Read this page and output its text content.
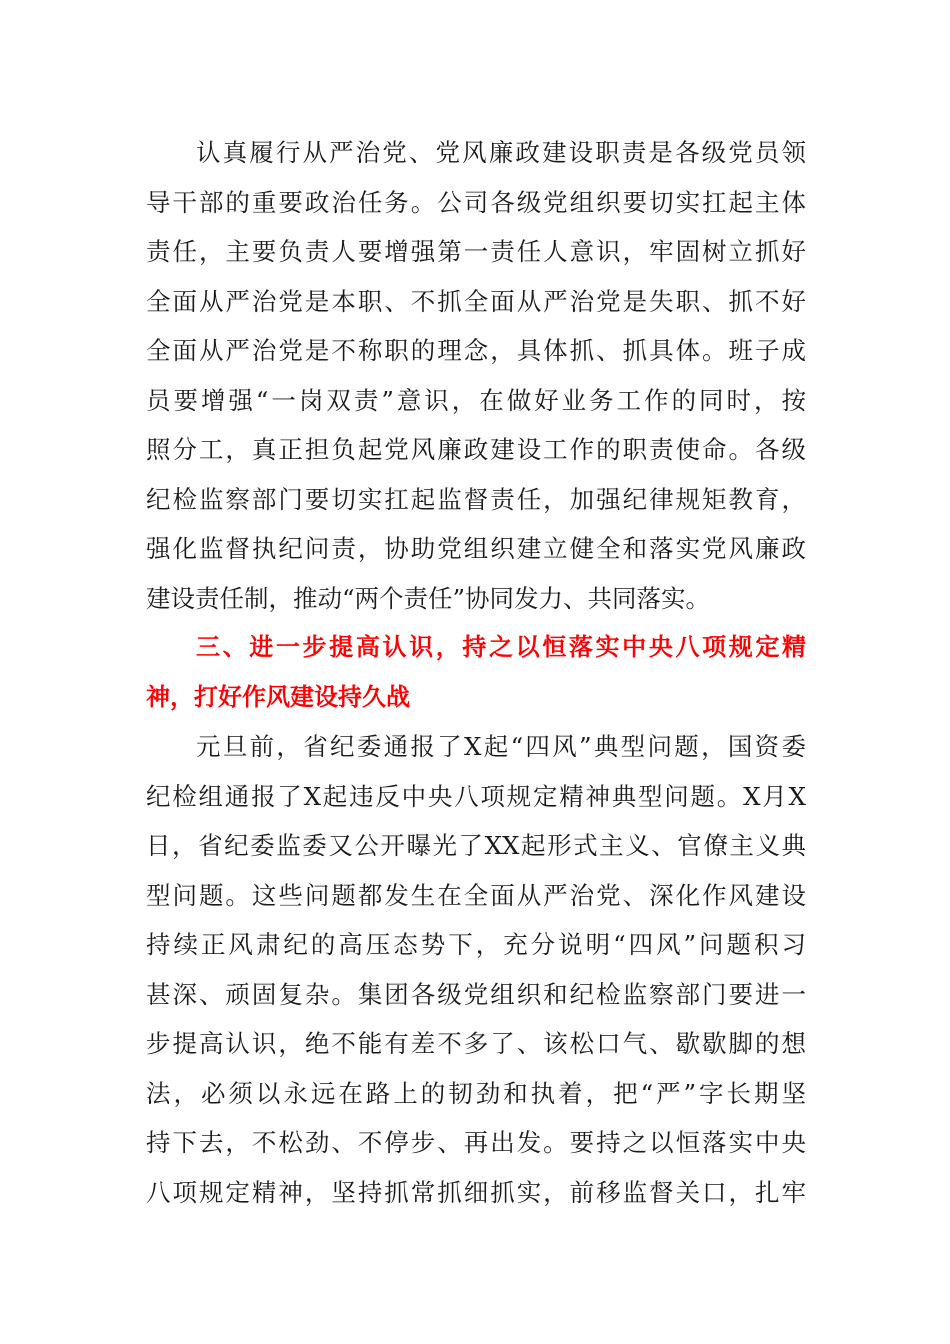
认真履行从严治党、党风廉政建设职责是各级党员领
导干部的重要政治任务。公司各级党组织要切实扛起主体
责任，主要负责人要增强第一责任人意识，牢固树立抓好
全面从严治党是本职、不抓全面从严治党是失职、抓不好
全面从严治党是不称职的理念，具体抓、抓具体。班子成
员要增强“一岗双责”意识，在做好业务工作的同时，按
照分工，真正担负起党风廉政建设工作的职责使命。各级
纪检监察部门要切实扛起监督责任，加强纪律规矩教育，
强化监督执纪问责，协助党组织建立健全和落实党风廉政
建设责任制，推动“两个责任”协同发力、共同落实。
三、进一步提高认识，持之以恒落实中央八项规定精
神，打好作风建设持久战
元旦前，省纪委通报了X起“四风”典型问题，国资委
纪检组通报了X起违反中央八项规定精神典型问题。X月X
日，省纪委监委又公开曝光了XX起形式主义、官僚主义典
型问题。这些问题都发生在全面从严治党、深化作风建设
持续正风肃纪的高压态势下，充分说明“四风”问题积习
甚深、顽固复杂。集团各级党组织和纪检监察部门要进一
步提高认识，绝不能有差不多了、该松口气、歇歇脚的想
法，必须以永远在路上的韧劲和执着，把“严”字长期坚
持下去，不松劲、不停步、再出发。要持之以恒落实中央
八项规定精神，坚持抓常抓细抓实，前移监督关口，扎牢
